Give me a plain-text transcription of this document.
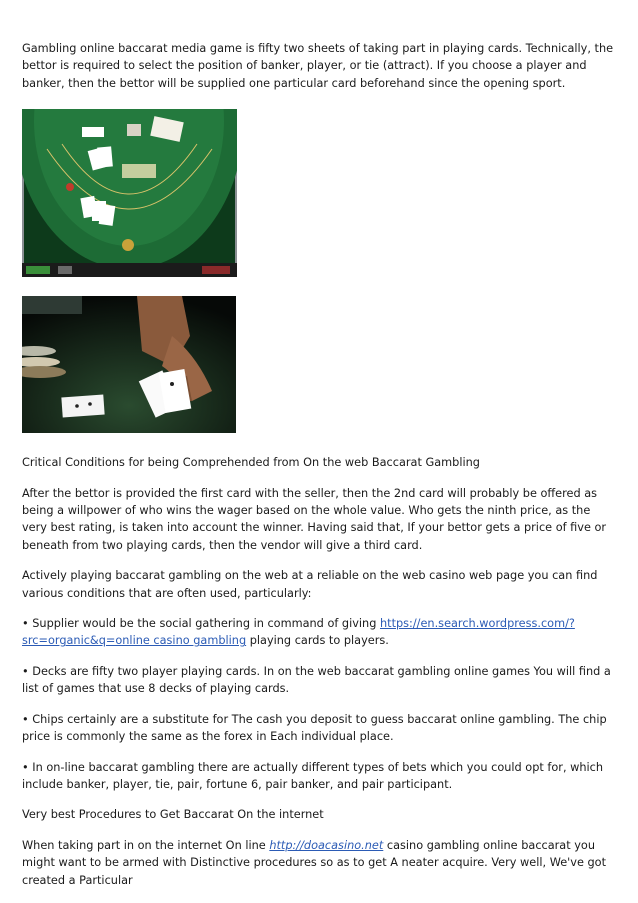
Gambling online baccarat media game is fifty two sheets of taking part in playing cards. Technically, the bettor is required to select the position of banker, player, or tie (attract). If you choose a player and banker, then the bettor will be supplied one particular card beforehand since the opening sport.

Critical Conditions for being Comprehended from On the web Baccarat Gambling

After the bettor is provided the first card with the seller, then the 2nd card will probably be offered as being a willpower of who wins the wager based on the whole value. Who gets the ninth price, as the very best rating, is taken into account the winner. Having said that, If your bettor gets a price of five or beneath from two playing cards, then the vendor will give a third card.

Actively playing baccarat gambling on the web at a reliable on the web casino web page you can find various conditions that are often used, particularly:

• Supplier would be the social gathering in command of giving https://en.search.wordpress.com/?src=organic&q=online casino gambling playing cards to players.

• Decks are fifty two player playing cards. In on the web baccarat gambling online games You will find a list of games that use 8 decks of playing cards.

• Chips certainly are a substitute for The cash you deposit to guess baccarat online gambling. The chip price is commonly the same as the forex in Each individual place.

• In on-line baccarat gambling there are actually different types of bets which you could opt for, which include banker, player, tie, pair, fortune 6, pair banker, and pair participant.

Very best Procedures to Get Baccarat On the internet

When taking part in on the internet On line http://doacasino.net casino gambling online baccarat you might want to be armed with Distinctive procedures so as to get A neater acquire. Very well, We've got created a Particular
